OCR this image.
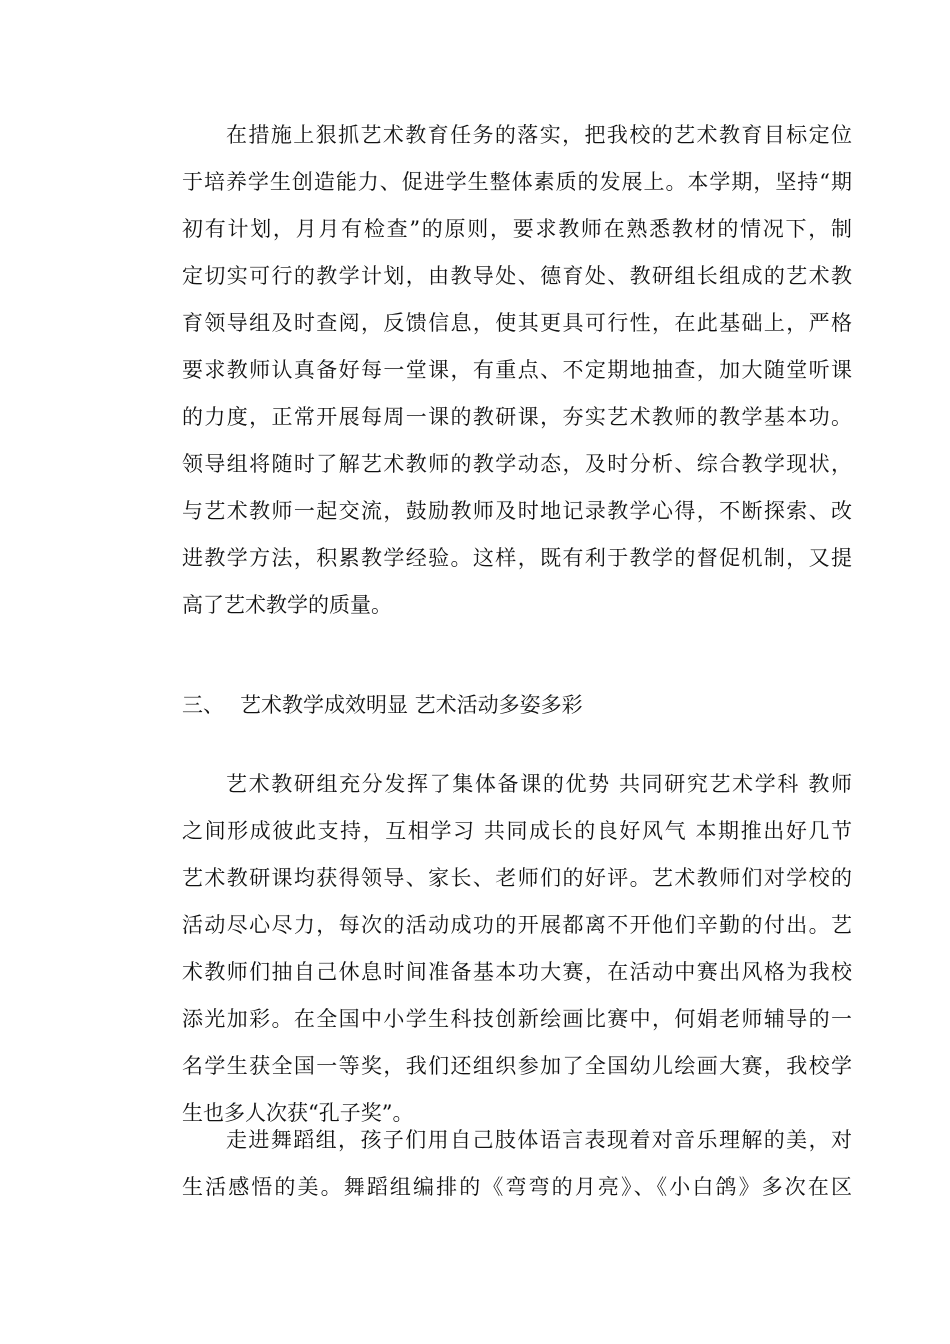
在措施上狠抓艺术教育任务的落实，把我校的艺术教育目标定位
于培养学生创造能力、促进学生整体素质的发展上。本学期，坚持“期
初有计划，月月有检查”的原则，要求教师在熟悉教材的情况下，制
定切实可行的教学计划，由教导处、德育处、教研组长组成的艺术教
育领导组及时查阅，反馈信息，使其更具可行性，在此基础上，严格
要求教师认真备好每一堂课，有重点、不定期地抽查，加大随堂听课
的力度，正常开展每周一课的教研课，夯实艺术教师的教学基本功。
领导组将随时了解艺术教师的教学动态，及时分析、综合教学现状，
与艺术教师一起交流，鼓励教师及时地记录教学心得，不断探索、改
进教学方法，积累教学经验。这样，既有利于教学的督促机制，又提
高了艺术教学的质量。
三、 艺术教学成效明显 艺术活动多姿多彩
艺术教研组充分发挥了集体备课的优势 共同研究艺术学科 教师
之间形成彼此支持，互相学习 共同成长的良好风气 本期推出好几节
艺术教研课均获得领导、家长、老师们的好评。艺术教师们对学校的
活动尽心尽力，每次的活动成功的开展都离不开他们辛勤的付出。艺
术教师们抽自己休息时间准备基本功大赛，在活动中赛出风格为我校
添光加彩。在全国中小学生科技创新绘画比赛中，何娟老师辅导的一
名学生获全国一等奖，我们还组织参加了全国幼儿绘画大赛，我校学
生也多人次获“孔子奖”。
走进舞蹈组，孩子们用自己肢体语言表现着对音乐理解的美，对
生活感悟的美。舞蹈组编排的《弯弯的月亮》、《小白鸽》多次在区
